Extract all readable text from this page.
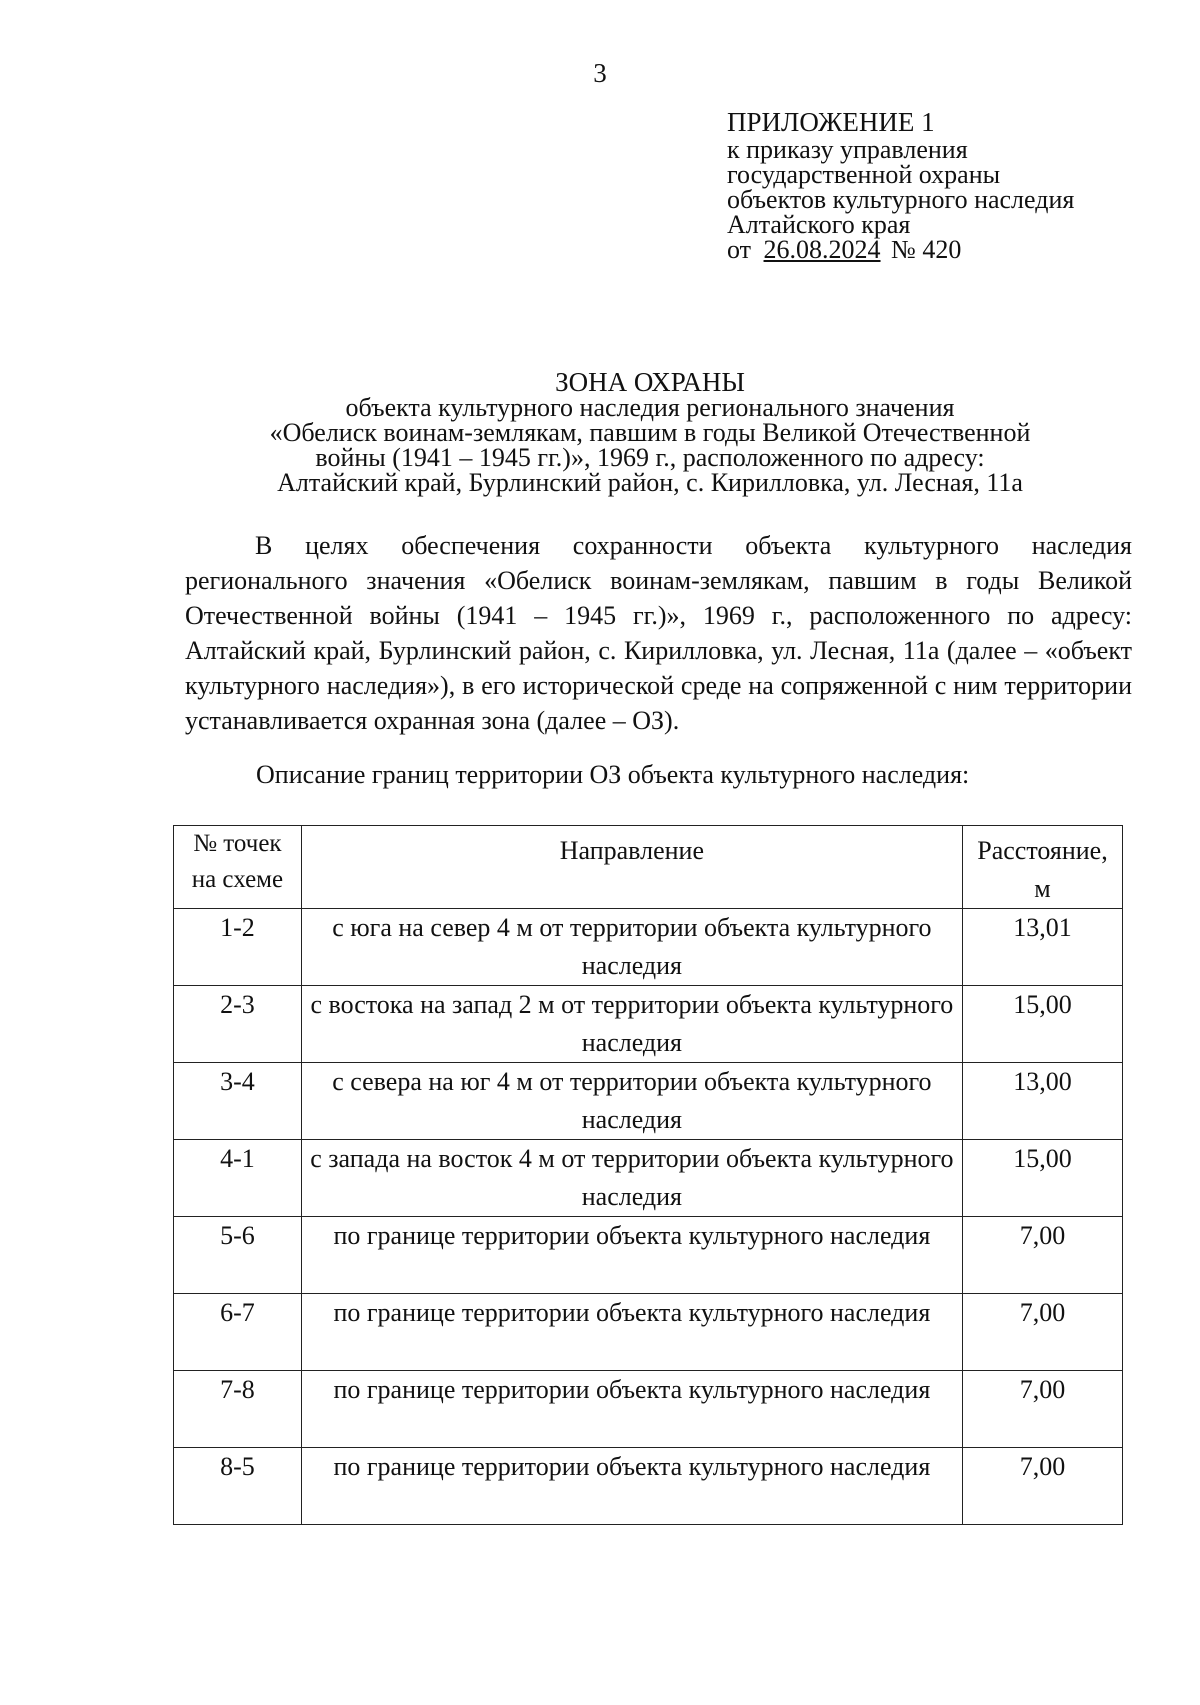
3
ПРИЛОЖЕНИЕ 1
к приказу управления
государственной охраны
объектов культурного наследия
Алтайского края
от 26.08.2024 № 420
ЗОНА ОХРАНЫ
объекта культурного наследия регионального значения
«Обелиск воинам-землякам, павшим в годы Великой Отечественной
войны (1941 – 1945 гг.)», 1969 г., расположенного по адресу:
Алтайский край, Бурлинский район, с. Кирилловка, ул. Лесная, 11а

В целях обеспечения сохранности объекта культурного наследия регионального значения «Обелиск воинам-землякам, павшим в годы Великой Отечественной войны (1941 – 1945 гг.)», 1969 г., расположенного по адресу: Алтайский край, Бурлинский район, с. Кирилловка, ул. Лесная, 11а (далее – «объект культурного наследия»), в его исторической среде на сопряженной с ним территории устанавливается охранная зона (далее – ОЗ).

Описание границ территории ОЗ объекта культурного наследия:

№ точек на схеме	Направление	Расстояние, м
1-2	с юга на север 4 м от территории объекта культурного наследия	13,01
2-3	с востока на запад 2 м от территории объекта культурного наследия	15,00
3-4	с севера на юг 4 м от территории объекта культурного наследия	13,00
4-1	с запада на восток 4 м от территории объекта культурного наследия	15,00
5-6	по границе территории объекта культурного наследия	7,00
6-7	по границе территории объекта культурного наследия	7,00
7-8	по границе территории объекта культурного наследия	7,00
8-5	по границе территории объекта культурного наследия	7,00
